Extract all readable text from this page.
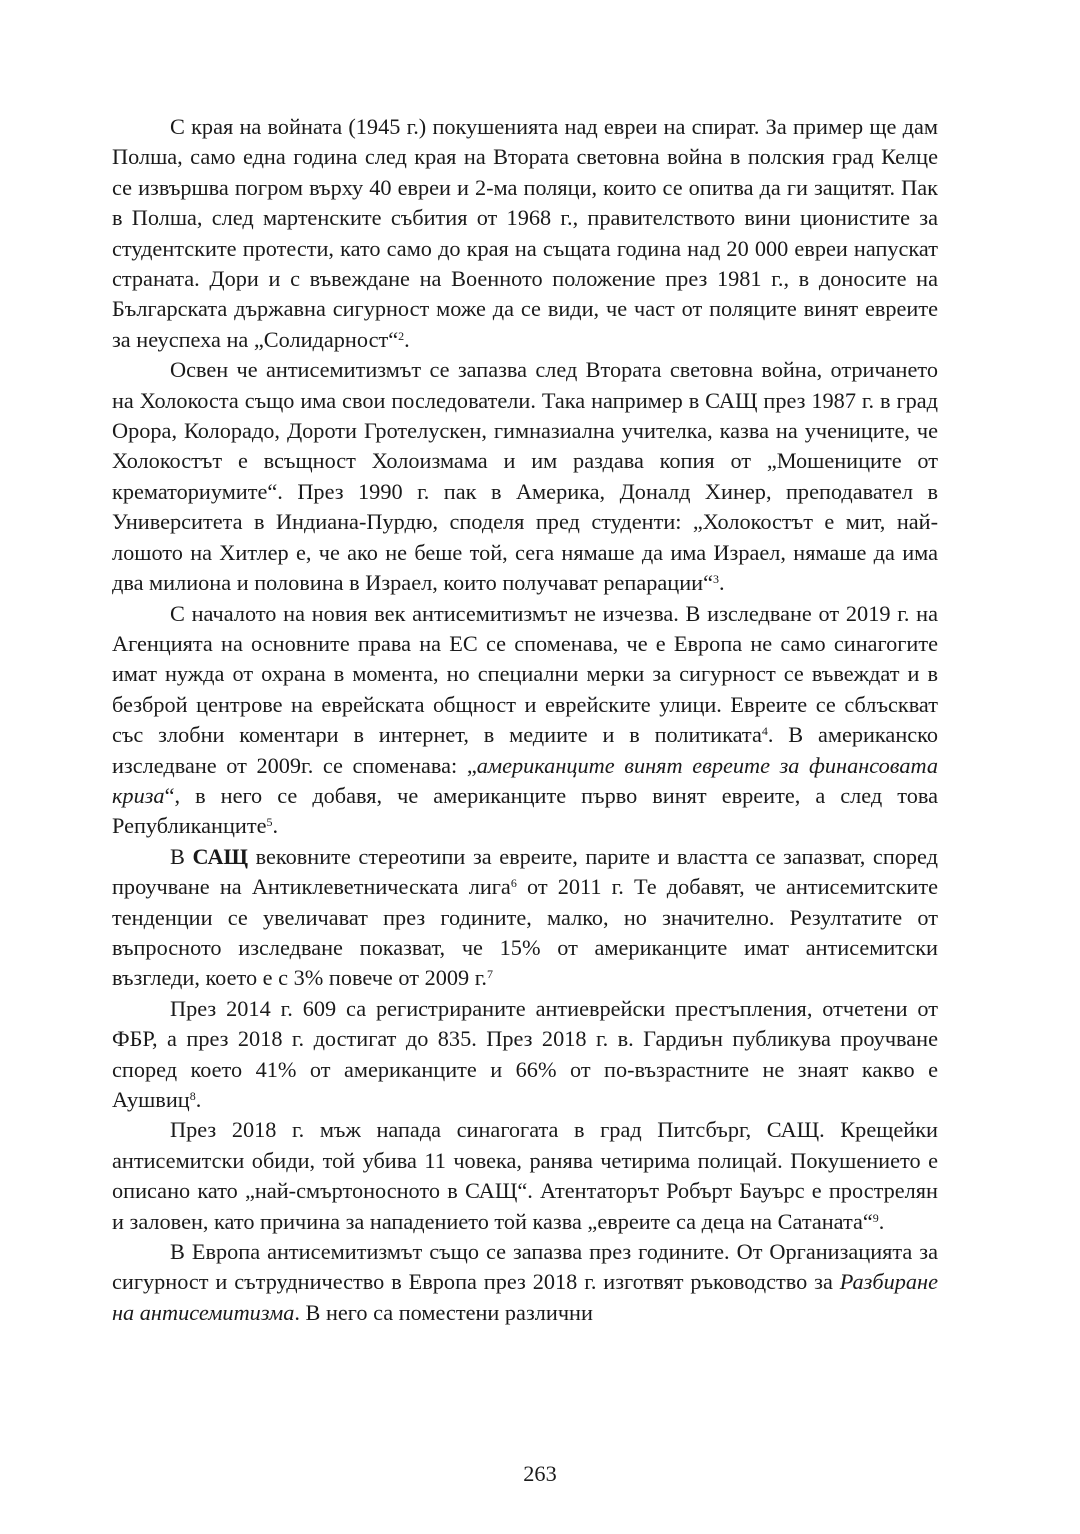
С края на войната (1945 г.) покушенията над евреи на спират. За пример ще дам Полша, само една година след края на Втората световна война в полския град Келце се извършва погром върху 40 евреи и 2-ма поляци, които се опитва да ги защитят. Пак в Полша, след мартенските събития от 1968 г., правителството вини ционистите за студентските протести, като само до края на същата година над 20 000 евреи напускат страната. Дори и с въвеждане на Военното положение през 1981 г., в доносите на Българската държавна сигурност може да се види, че част от поляците винят евреите за неуспеха на „Солидарност“$^2$.

Освен че антисемитизмът се запазва след Втората световна война, отричането на Холокоста също има свои последователи. Така например в САЩ през 1987 г. в град Орора, Колорадо, Дороти Гротелускен, гимназиална учителка, казва на учениците, че Холокостът е всъщност Холоизмама и им раздава копия от „Мошениците от крематориумите“. През 1990 г. пак в Америка, Доналд Хинер, преподавател в Университета в Индиана-Пурдю, споделя пред студенти: „Холокостът е мит, най-лошото на Хитлер е, че ако не беше той, сега нямаше да има Израел, нямаше да има два милиона и половина в Израел, които получават репарации“$^3$.

С началото на новия век антисемитизмът не изчезва. В изследване от 2019 г. на Агенцията на основните права на ЕС се споменава, че е Европа не само синагогите имат нужда от охрана в момента, но специални мерки за сигурност се въвеждат и в безброй центрове на еврейската общност и еврейските улици. Евреите се сблъскват със злобни коментари в интернет, в медиите и в политиката$^4$. В американско изследване от 2009г. се споменава: „американците винят евреите за финансовата криза“, в него се добавя, че американците първо винят евреите, а след това Републиканците$^5$.

В САЩ вековните стереотипи за евреите, парите и властта се запазват, според проучване на Антиклеветническата лига$^6$ от 2011 г. Те добавят, че антисемитските тенденции се увеличават през годините, малко, но значително. Резултатите от въпросното изследване показват, че 15% от американците имат антисемитски възгледи, което е с 3% повече от 2009 г.$^7$

През 2014 г. 609 са регистрираните антиеврейски престъпления, отчетени от ФБР, а през 2018 г. достигат до 835. През 2018 г. в. Гардиън публикува проучване според което 41% от американците и 66% от по-възрастните не знаят какво е Аушвиц$^8$.

През 2018 г. мъж напада синагогата в град Питсбърг, САЩ. Крещейки антисемитски обиди, той убива 11 човека, ранява четирима полицай. Покушението е описано като „най-смъртоносното в САЩ“. Атентаторът Робърт Бауърс е прострелян и заловен, като причина за нападението той казва „евреите са деца на Сатаната“$^9$.

В Европа антисемитизмът също се запазва през годините. От Организацията за сигурност и сътрудничество в Европа през 2018 г. изготвят ръководство за Разбиране на антисемитизма. В него са поместени различни

263
